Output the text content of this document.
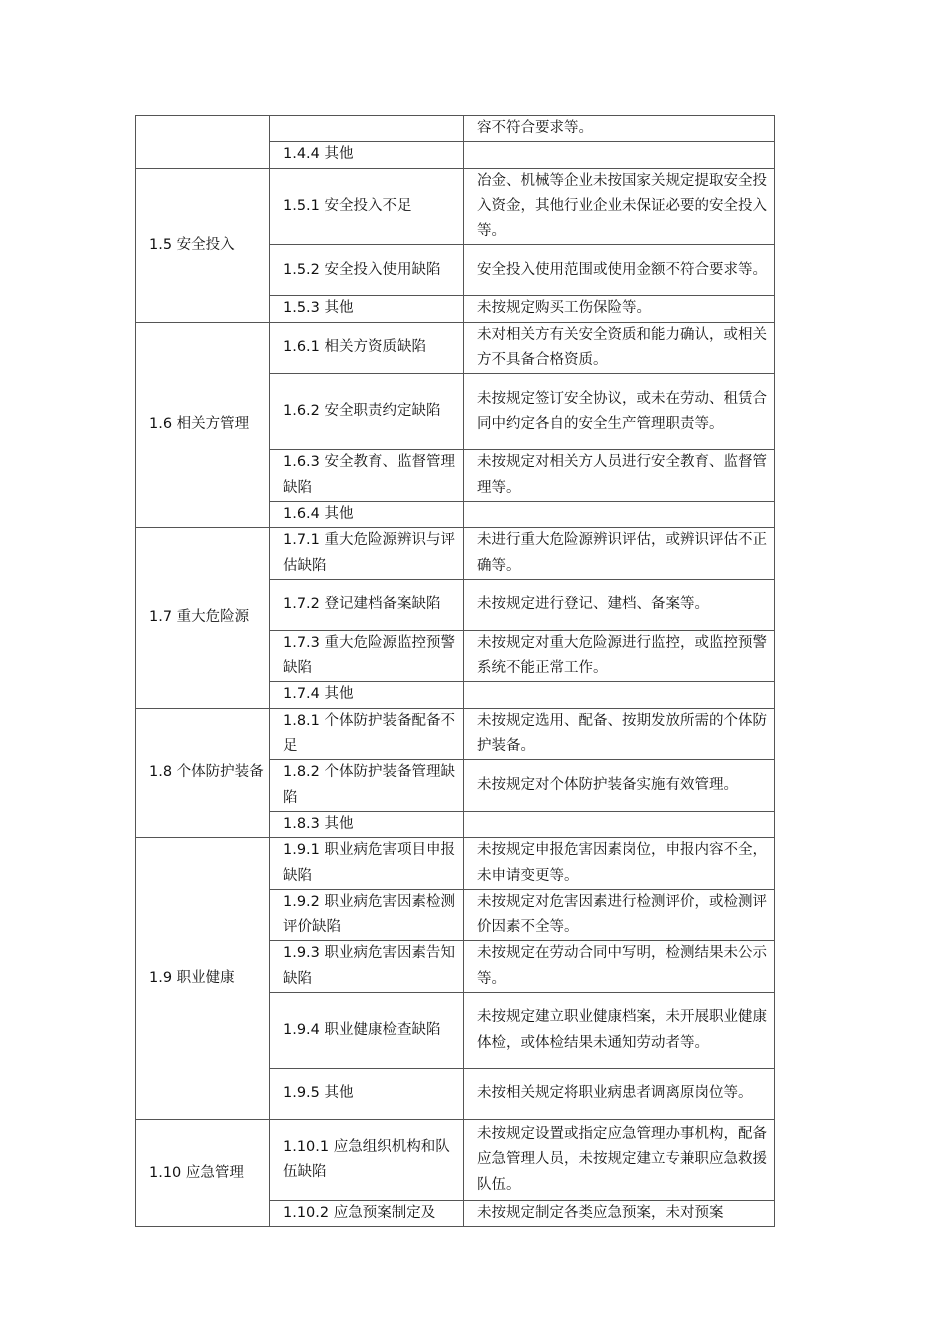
		容不符合要求等。
	1.4.4 其他	
1.5 安全投入	1.5.1 安全投入不足	冶金、机械等企业未按国家关规定提取安全投入资金，其他行业企业未保证必要的安全投入等。
	1.5.2 安全投入使用缺陷	安全投入使用范围或使用金额不符合要求等。
	1.5.3 其他	未按规定购买工伤保险等。
1.6 相关方管理	1.6.1 相关方资质缺陷	未对相关方有关安全资质和能力确认，或相关方不具备合格资质。
	1.6.2 安全职责约定缺陷	未按规定签订安全协议，或未在劳动、租赁合同中约定各自的安全生产管理职责等。
	1.6.3 安全教育、监督管理缺陷	未按规定对相关方人员进行安全教育、监督管理等。
	1.6.4 其他	
1.7 重大危险源	1.7.1 重大危险源辨识与评估缺陷	未进行重大危险源辨识评估，或辨识评估不正确等。
	1.7.2 登记建档备案缺陷	未按规定进行登记、建档、备案等。
	1.7.3 重大危险源监控预警缺陷	未按规定对重大危险源进行监控，或监控预警系统不能正常工作。
	1.7.4 其他	
1.8 个体防护装备	1.8.1 个体防护装备配备不足	未按规定选用、配备、按期发放所需的个体防护装备。
	1.8.2 个体防护装备管理缺陷	未按规定对个体防护装备实施有效管理。
	1.8.3 其他	
1.9 职业健康	1.9.1 职业病危害项目申报缺陷	未按规定申报危害因素岗位，申报内容不全，未申请变更等。
	1.9.2 职业病危害因素检测评价缺陷	未按规定对危害因素进行检测评价，或检测评价因素不全等。
	1.9.3 职业病危害因素告知缺陷	未按规定在劳动合同中写明，检测结果未公示等。
	1.9.4 职业健康检查缺陷	未按规定建立职业健康档案，未开展职业健康体检，或体检结果未通知劳动者等。
	1.9.5 其他	未按相关规定将职业病患者调离原岗位等。
1.10 应急管理	1.10.1 应急组织机构和队伍缺陷	未按规定设置或指定应急管理办事机构，配备应急管理人员，未按规定建立专兼职应急救援队伍。
	1.10.2 应急预案制定及	未按规定制定各类应急预案，未对预案
